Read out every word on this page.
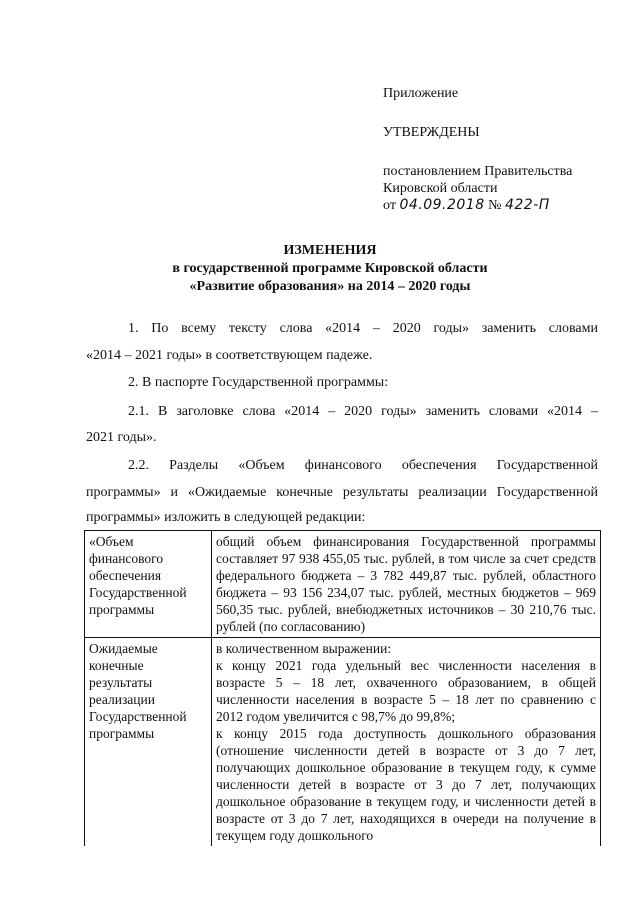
Приложение
УТВЕРЖДЕНЫ
постановлением Правительства
Кировской области
от 04.09.2018 № 422-П
ИЗМЕНЕНИЯ
в государственной программе Кировской области
«Развитие образования» на 2014 – 2020 годы
1. По всему тексту слова «2014 – 2020 годы» заменить словами
«2014 – 2021 годы» в соответствующем падеже.
2. В паспорте Государственной программы:
2.1. В заголовке слова «2014 – 2020 годы» заменить словами «2014 –
2021 годы».
2.2. Разделы «Объем финансового обеспечения Государственной
программы» и «Ожидаемые конечные результаты реализации Государственной
программы» изложить в следующей редакции:
«Объем финансового обеспечения Государственной программы	общий объем финансирования Государственной программы составляет 97 938 455,05 тыс. рублей, в том числе за счет средств федерального бюджета – 3 782 449,87 тыс. рублей, областного бюджета – 93 156 234,07 тыс. рублей, местных бюджетов – 969 560,35 тыс. рублей, внебюджетных источников – 30 210,76 тыс. рублей (по согласованию)
Ожидаемые конечные результаты реализации Государственной программы	в количественном выражении:
к концу 2021 года удельный вес численности населения в возрасте 5 – 18 лет, охваченного образованием, в общей численности населения в возрасте 5 – 18 лет по сравнению с 2012 годом увеличится с 98,7% до 99,8%;
к концу 2015 года доступность дошкольного образования (отношение численности детей в возрасте от 3 до 7 лет, получающих дошкольное образование в текущем году, к сумме численности детей в возрасте от 3 до 7 лет, получающих дошкольное образование в текущем году, и численности детей в возрасте от 3 до 7 лет, находящихся в очереди на получение в текущем году дошкольного
